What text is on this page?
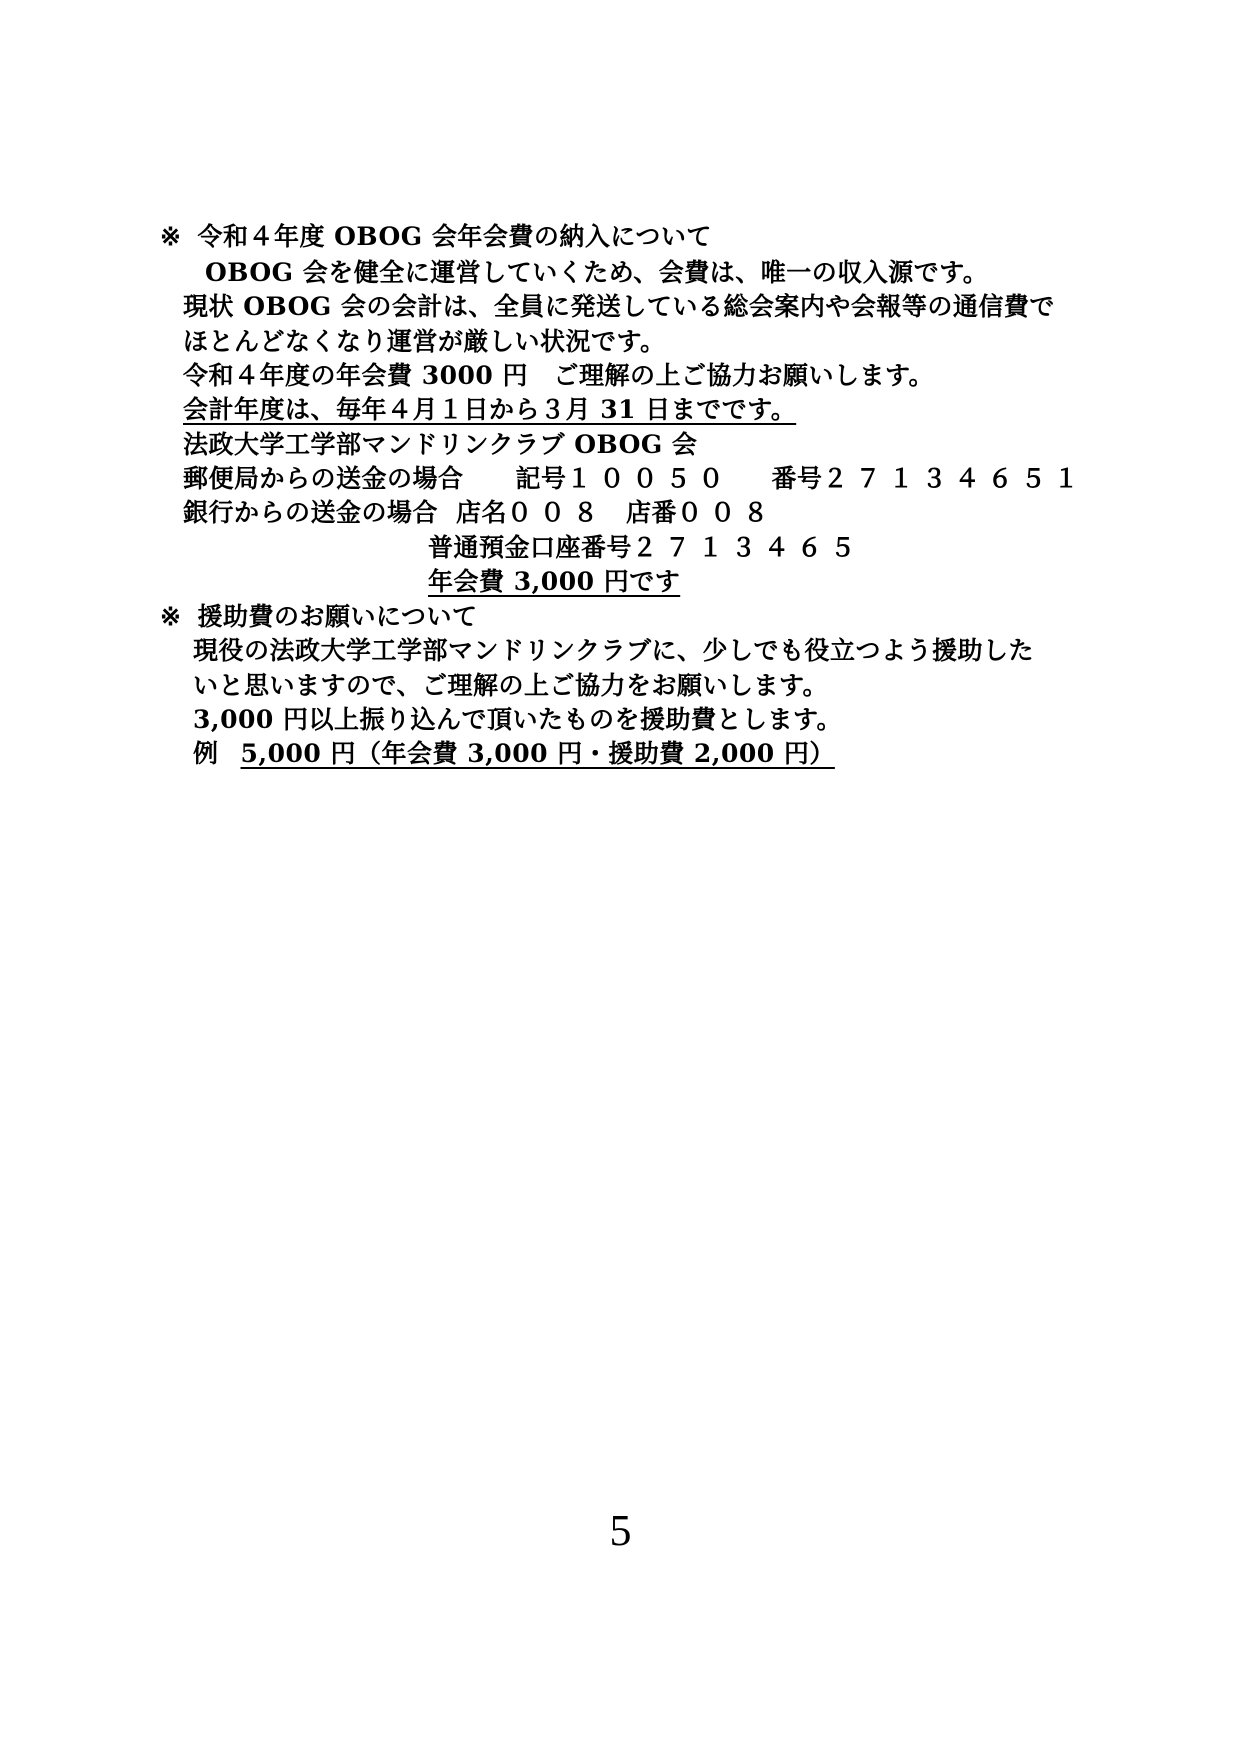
※ 令和４年度 OBOG 会年会費の納入について
OBOG 会を健全に運営していくため、会費は、唯一の収入源です。
現状 OBOG 会の会計は、全員に発送している総会案内や会報等の通信費で
ほとんどなくなり運営が厳しい状況です。
令和４年度の年会費 3000 円　ご理解の上ご協力お願いします。
会計年度は、毎年４月１日から３月 31 日までです。
法政大学工学部マンドリンクラブ OBOG 会
郵便局からの送金の場合 記号１００５０ 番号２７１３４６５１
銀行からの送金の場合 店名００８ 店番００８
普通預金口座番号２７１３４６５
年会費 3,000 円です
※ 援助費のお願いについて
現役の法政大学工学部マンドリンクラブに、少しでも役立つよう援助した
いと思いますので、ご理解の上ご協力をお願いします。
3,000 円以上振り込んで頂いたものを援助費とします。
例 5,000 円（年会費 3,000 円・援助費 2,000 円）
5
